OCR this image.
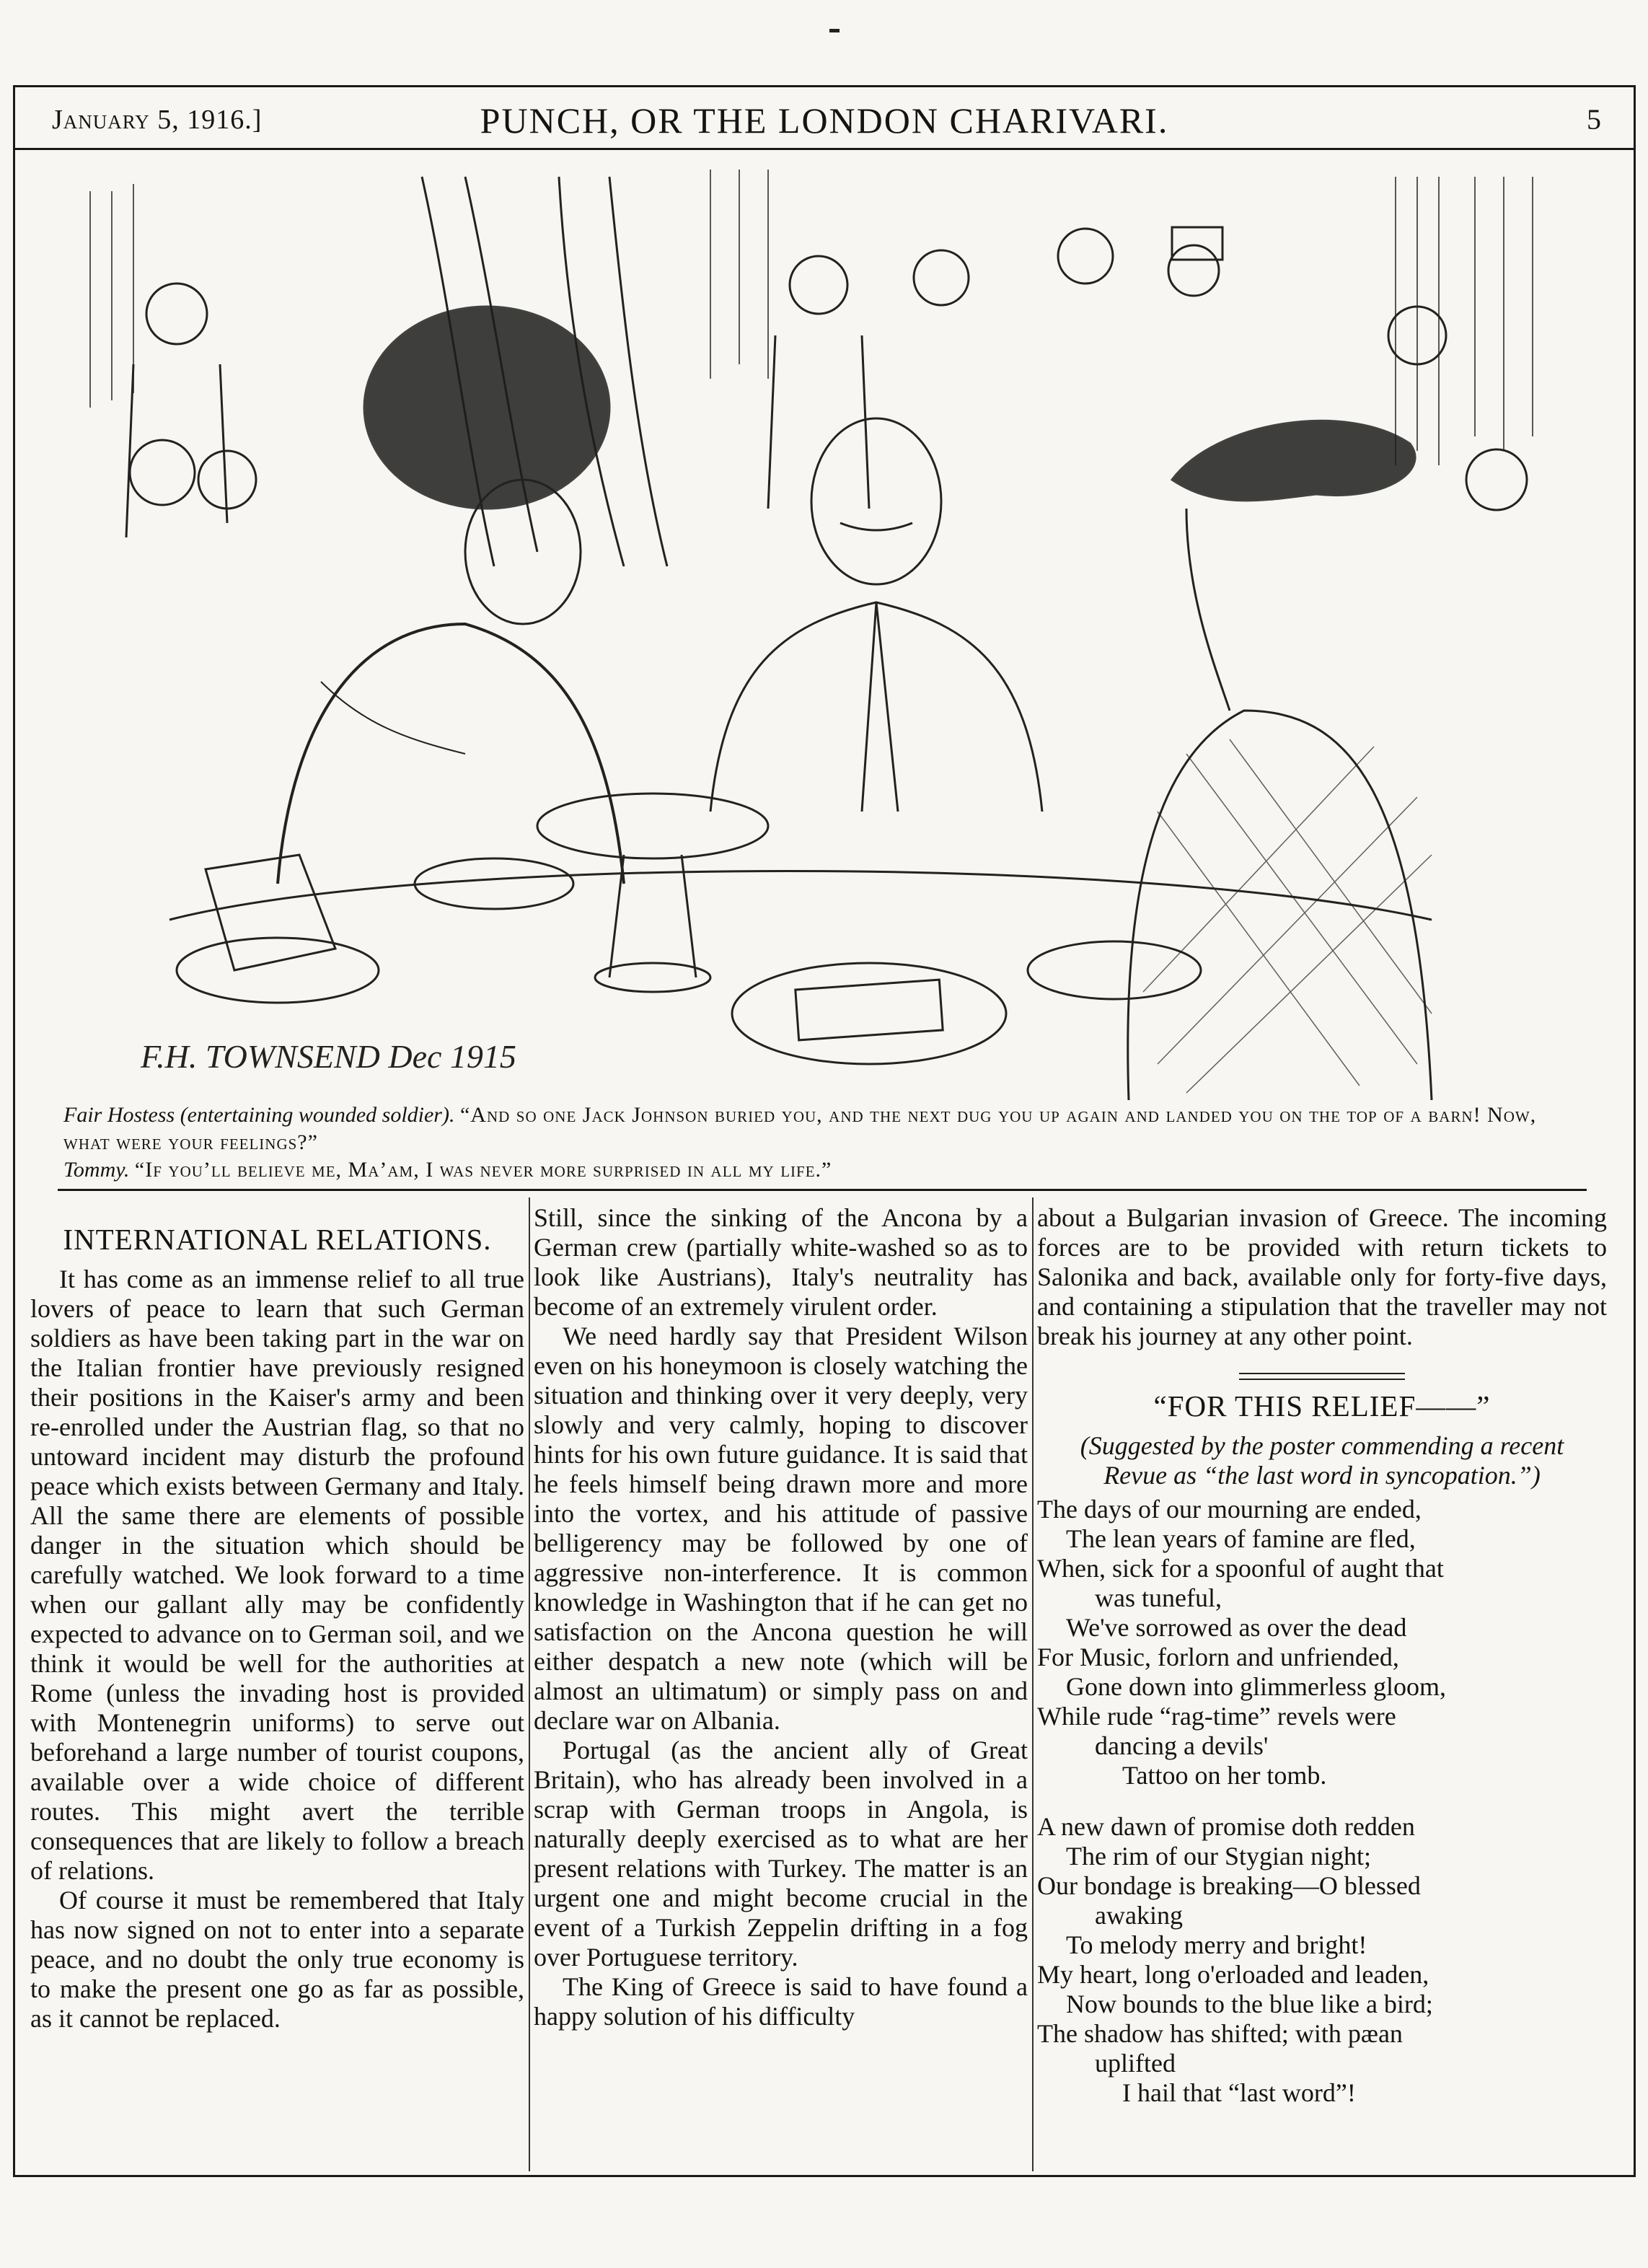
January 5, 1916.]	PUNCH, OR THE LONDON CHARIVARI.	5
F.H. TOWNSEND Dec 1915

Fair Hostess (entertaining wounded soldier). “And so one Jack Johnson buried you, and the next dug you up again and landed you on the top of a barn! Now, what were your feelings?”

Tommy. “If you’ll believe me, Ma’am, I was never more surprised in all my life.”

INTERNATIONAL RELATIONS.

It has come as an immense relief to all true lovers of peace to learn that such German soldiers as have been taking part in the war on the Italian frontier have previously resigned their positions in the Kaiser's army and been re-enrolled under the Austrian flag, so that no untoward incident may disturb the profound peace which exists between Germany and Italy. All the same there are elements of possible danger in the situation which should be carefully watched. We look forward to a time when our gallant ally may be confidently expected to advance on to German soil, and we think it would be well for the authorities at Rome (unless the invading host is provided with Montenegrin uniforms) to serve out beforehand a large number of tourist coupons, available over a wide choice of different routes. This might avert the terrible consequences that are likely to follow a breach of relations.

Of course it must be remembered that Italy has now signed on not to enter into a separate peace, and no doubt the only true economy is to make the present one go as far as possible, as it cannot be replaced.

Still, since the sinking of the Ancona by a German crew (partially white-washed so as to look like Austrians), Italy's neutrality has become of an extremely virulent order.

We need hardly say that President Wilson even on his honeymoon is closely watching the situation and thinking over it very deeply, very slowly and very calmly, hoping to discover hints for his own future guidance. It is said that he feels himself being drawn more and more into the vortex, and his attitude of passive belligerency may be followed by one of aggressive non-interference. It is common knowledge in Washington that if he can get no satisfaction on the Ancona question he will either despatch a new note (which will be almost an ultimatum) or simply pass on and declare war on Albania.

Portugal (as the ancient ally of Great Britain), who has already been involved in a scrap with German troops in Angola, is naturally deeply exercised as to what are her present relations with Turkey. The matter is an urgent one and might become crucial in the event of a Turkish Zeppelin drifting in a fog over Portuguese territory.

The King of Greece is said to have found a happy solution of his difficulty

about a Bulgarian invasion of Greece. The incoming forces are to be provided with return tickets to Salonika and back, available only for forty-five days, and containing a stipulation that the traveller may not break his journey at any other point.

“FOR THIS RELIEF——”
(Suggested by the poster commending a recent Revue as “the last word in syncopation.”)
The days of our mourning are ended,
The lean years of famine are fled,
When, sick for a spoonful of aught that
was tuneful,
We've sorrowed as over the dead
For Music, forlorn and unfriended,
Gone down into glimmerless gloom,
While rude “rag-time” revels were
dancing a devils'
Tattoo on her tomb.
A new dawn of promise doth redden
The rim of our Stygian night;
Our bondage is breaking—O blessed
awaking
To melody merry and bright!
My heart, long o'erloaded and leaden,
Now bounds to the blue like a bird;
The shadow has shifted; with pæan
uplifted
I hail that “last word”!
